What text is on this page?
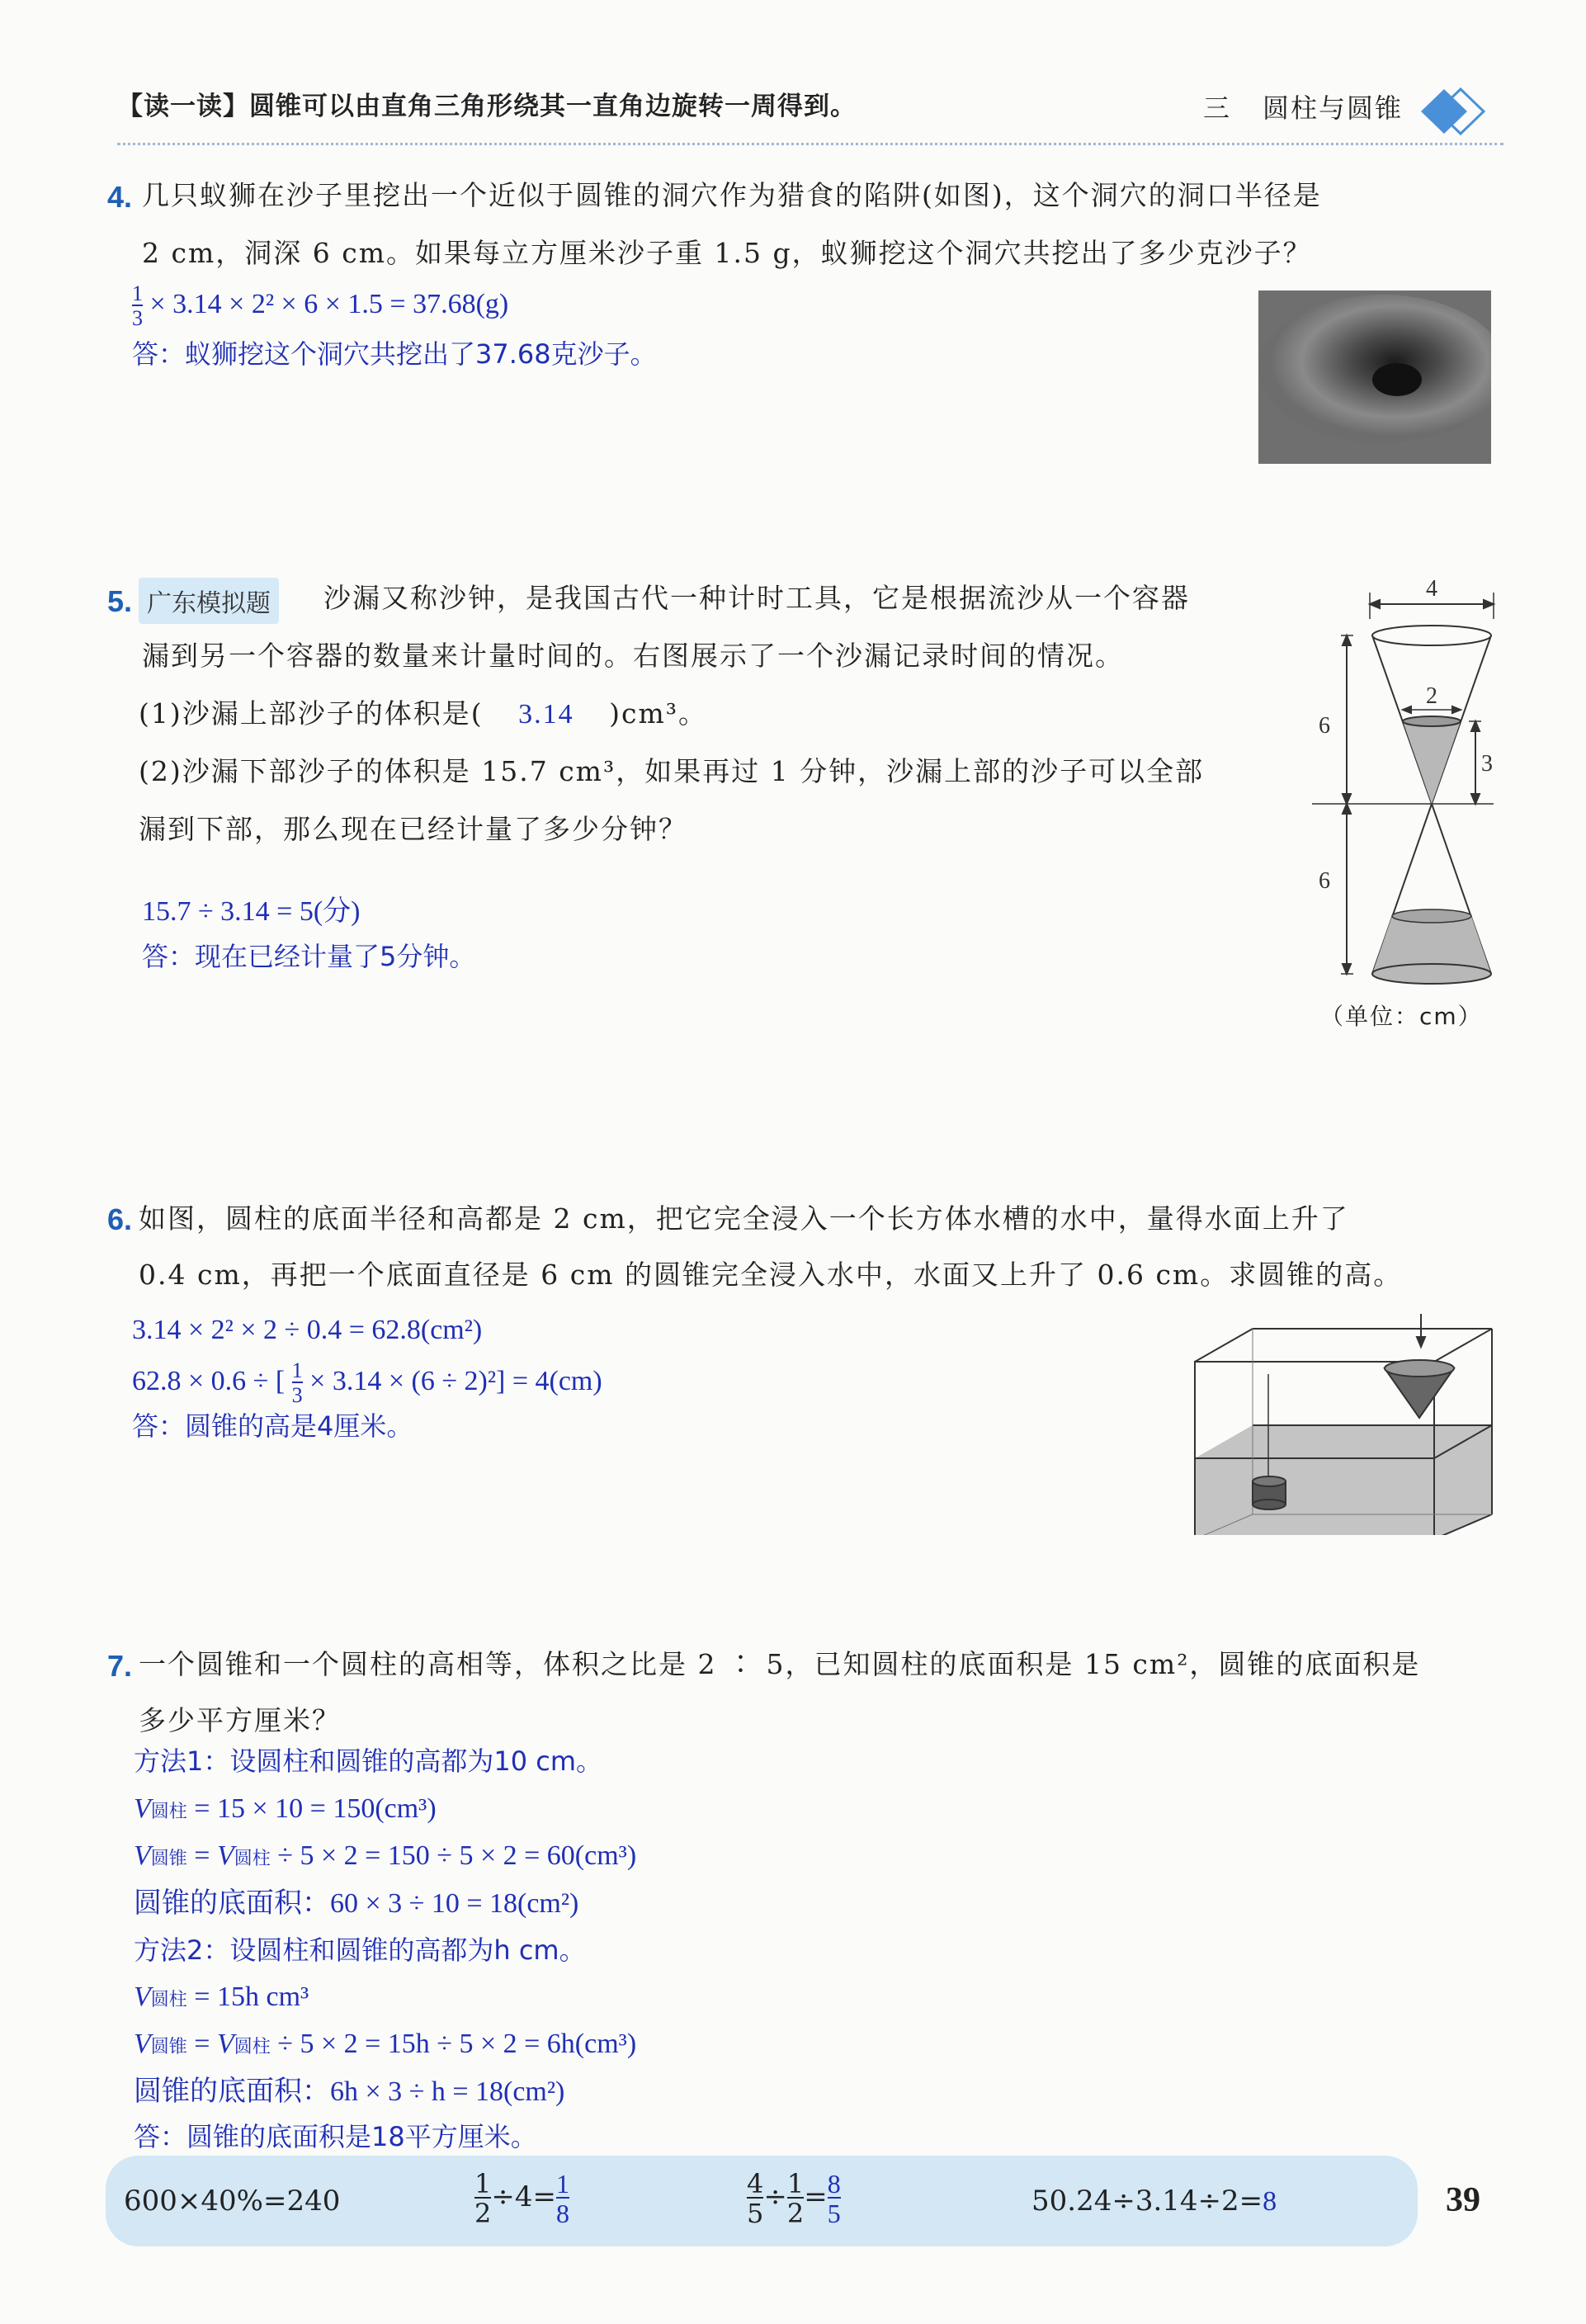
【读一读】圆锥可以由直角三角形绕其一直角边旋转一周得到。	三 圆柱与圆锥
4. 几只蚁狮在沙子里挖出一个近似于圆锥的洞穴作为猎食的陷阱(如图)，这个洞穴的洞口半径是
2 cm，洞深 6 cm。如果每立方厘米沙子重 1.5 g，蚁狮挖这个洞穴共挖出了多少克沙子？
$\frac{1}{3} \times 3.14 \times 2^2 \times 6 \times 1.5 = 37.68(g)$
答：蚁狮挖这个洞穴共挖出了37.68克沙子。
5. 广东模拟题	沙漏又称沙钟，是我国古代一种计时工具，它是根据流沙从一个容器
漏到另一个容器的数量来计量时间的。右图展示了一个沙漏记录时间的情况。
(1)沙漏上部沙子的体积是( 3.14 )cm³。
(2)沙漏下部沙子的体积是 15.7 cm³，如果再过 1 分钟，沙漏上部的沙子可以全部
漏到下部，那么现在已经计量了多少分钟？
15.7 ÷ 3.14 = 5(分)
答：现在已经计量了5分钟。
4
2
3
6
6
（单位：cm）
6. 如图，圆柱的底面半径和高都是 2 cm，把它完全浸入一个长方体水槽的水中，量得水面上升了
0.4 cm，再把一个底面直径是 6 cm 的圆锥完全浸入水中，水面又上升了 0.6 cm。求圆锥的高。
3.14 × 2² × 2 ÷ 0.4 = 62.8(cm²)
62.8 × 0.6 ÷ [ $\frac{1}{3} \times 3.14 \times (6 \div 2)^2] = 4(cm)$
答：圆锥的高是4厘米。
7. 一个圆锥和一个圆柱的高相等，体积之比是 2 ∶ 5，已知圆柱的底面积是 15 cm²，圆锥的底面积是
多少平方厘米？
方法1：设圆柱和圆锥的高都为10 cm。
V圆柱 = 15 × 10 = 150(cm³)
V圆锥 = V圆柱 ÷ 5 × 2 = 150 ÷ 5 × 2 = 60(cm³)
圆锥的底面积：60 × 3 ÷ 10 = 18(cm²)
方法2：设圆柱和圆锥的高都为h cm。
V圆柱 = 15h cm³
V圆锥 = V圆柱 ÷ 5 × 2 = 15h ÷ 5 × 2 = 6h(cm³)
圆锥的底面积：6h × 3 ÷ h = 18(cm²)
答：圆锥的底面积是18平方厘米。
600×40%=240	$\frac{1}{2} \div 4= \frac{1}{8}$	$\frac{4}{5} \div \frac{1}{2} = \frac{8}{5}$	50.24÷3.14÷2=8	39
